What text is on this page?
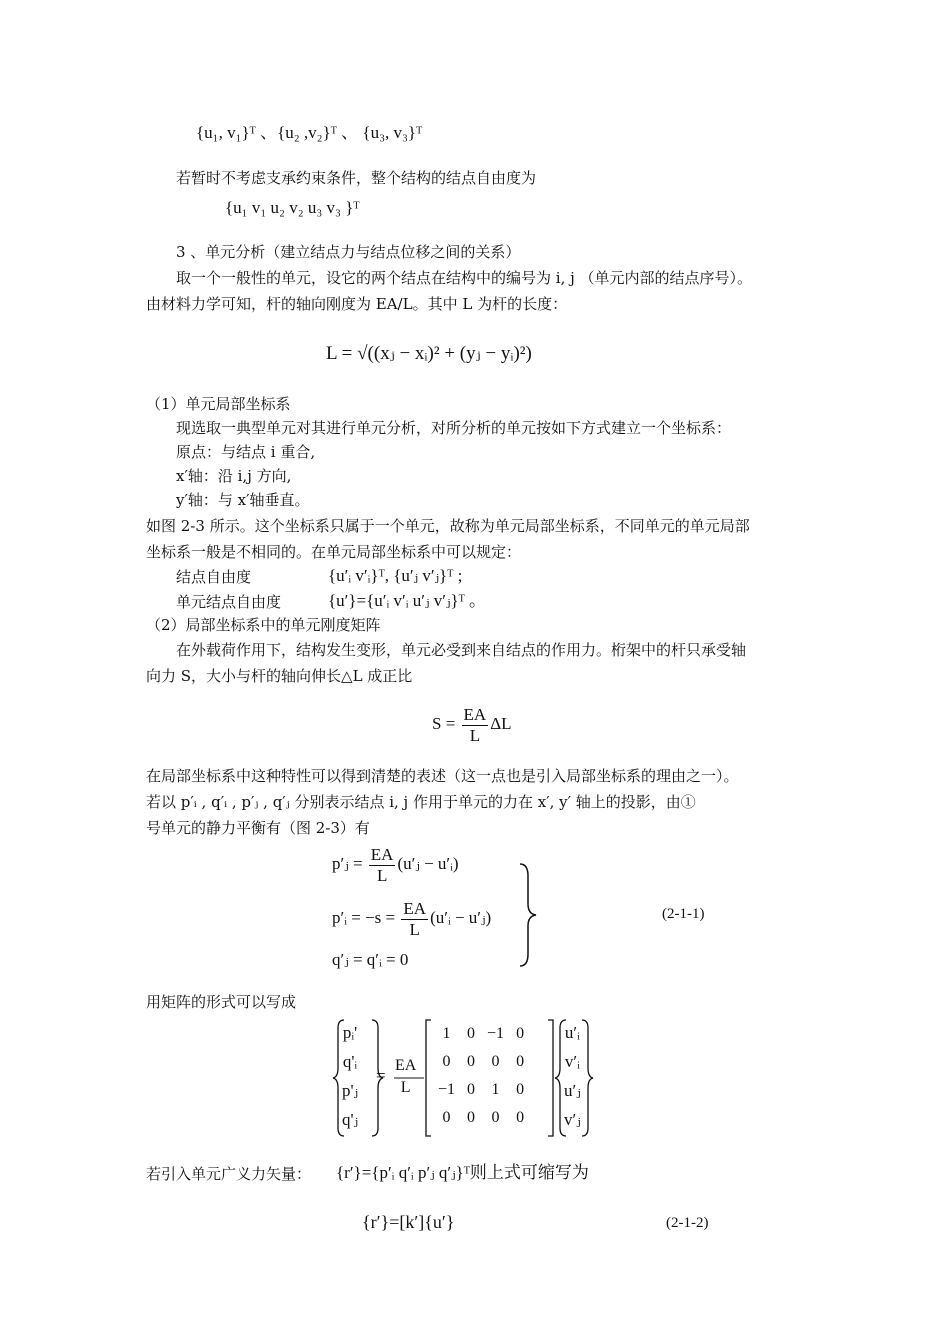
{u₁, v₁}ᵀ 、{u₂ ,v₂}ᵀ 、 {u₃, v₃}ᵀ
若暂时不考虑支承约束条件，整个结构的结点自由度为
{u₁ v₁ u₂ v₂ u₃ v₃ }ᵀ
3 、单元分析（建立结点力与结点位移之间的关系）
取一个一般性的单元，设它的两个结点在结构中的编号为 i, j （单元内部的结点序号）。
由材料力学可知，杆的轴向刚度为 EA/L。其中 L 为杆的长度：
L = √((xⱼ − xᵢ)² + (yⱼ − yᵢ)²)
（1）单元局部坐标系
现选取一典型单元对其进行单元分析，对所分析的单元按如下方式建立一个坐标系：
原点：与结点 i 重合,
x′轴：沿 i,j 方向,
y′轴：与 x′轴垂直。
如图 2-3 所示。这个坐标系只属于一个单元，故称为单元局部坐标系，不同单元的单元局部
坐标系一般是不相同的。在单元局部坐标系中可以规定：
结点自由度	{u′ᵢ v′ᵢ}ᵀ, {u′ⱼ v′ⱼ}ᵀ ;
单元结点自由度	{u′}={u′ᵢ v′ᵢ u′ⱼ v′ⱼ}ᵀ 。
（2）局部坐标系中的单元刚度矩阵
在外载荷作用下，结构发生变形，单元必受到来自结点的作用力。桁架中的杆只承受轴
向力 S，大小与杆的轴向伸长△L 成正比
$S = \frac{EA}{L}$ ΔL
在局部坐标系中这种特性可以得到清楚的表述（这一点也是引入局部坐标系的理由之一）。
若以 p′ᵢ , q′ᵢ , p′ⱼ , q′ⱼ 分别表示结点 i, j 作用于单元的力在 x′, y′ 轴上的投影，由①
号单元的静力平衡有（图 2-3）有
p′ⱼ = $\frac{EA}{L}$ (u′ⱼ − u′ᵢ)
p′ᵢ = $-s = \frac{EA}{L}$ (u′ᵢ − u′ⱼ)
q′ⱼ = q′ᵢ = 0
(2-1-1)
用矩阵的形式可以写成
pᵢ'
q'ᵢ
p'ⱼ
q'ⱼ
=
EA
L
1	0	−1	0
0	0	0	0
−1	0	1	0
0	0	0	0
u′ᵢ
v′ᵢ
u′ⱼ
v′ⱼ
若引入单元广义力矢量： {r′}={p′ᵢ q′ᵢ p′ⱼ q′ⱼ}ᵀ则上式可缩写为
{r′}=[k′]{u′}	(2-1-2)
